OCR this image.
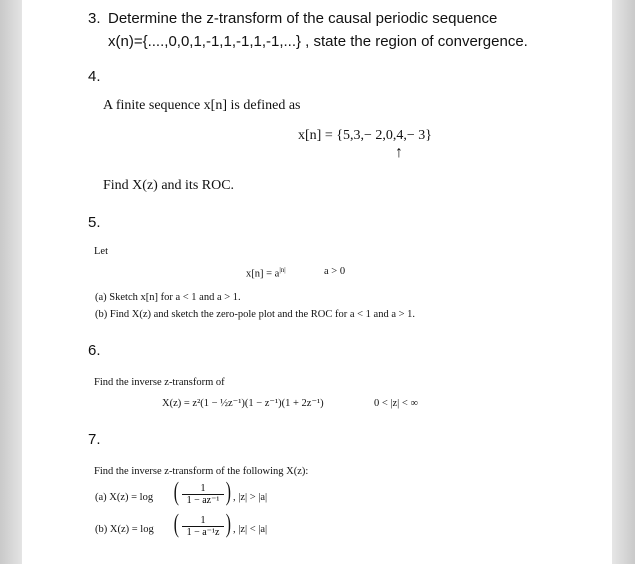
3. Determine the z-transform of the causal periodic sequence
x(n)={....,0,0,1,-1,1,-1,1,-1,...} , state the region of convergence.
4.
A finite sequence x[n] is defined as
x[n] = {5,3,− 2,0,4,− 3}
↑
Find X(z) and its ROC.
5.
Let
$x[n] = a^{|n|}$	a > 0
(a) Sketch x[n] for a < 1 and a > 1.
(b) Find X(z) and sketch the zero-pole plot and the ROC for a < 1 and a > 1.
6.
Find the inverse z-transform of
X(z) = z²(1 − ½z⁻¹)(1 − z⁻¹)(1 + 2z⁻¹)	0 < |z| < ∞
7.
Find the inverse z-transform of the following X(z):
(a) X(z) = log ( $\frac{1}{\text{1 − az⁻¹}}$ ) , |z| > |a|
(b) X(z) = log ( $\frac{1}{\text{1 − a⁻¹z}}$ ) , |z| < |a|
